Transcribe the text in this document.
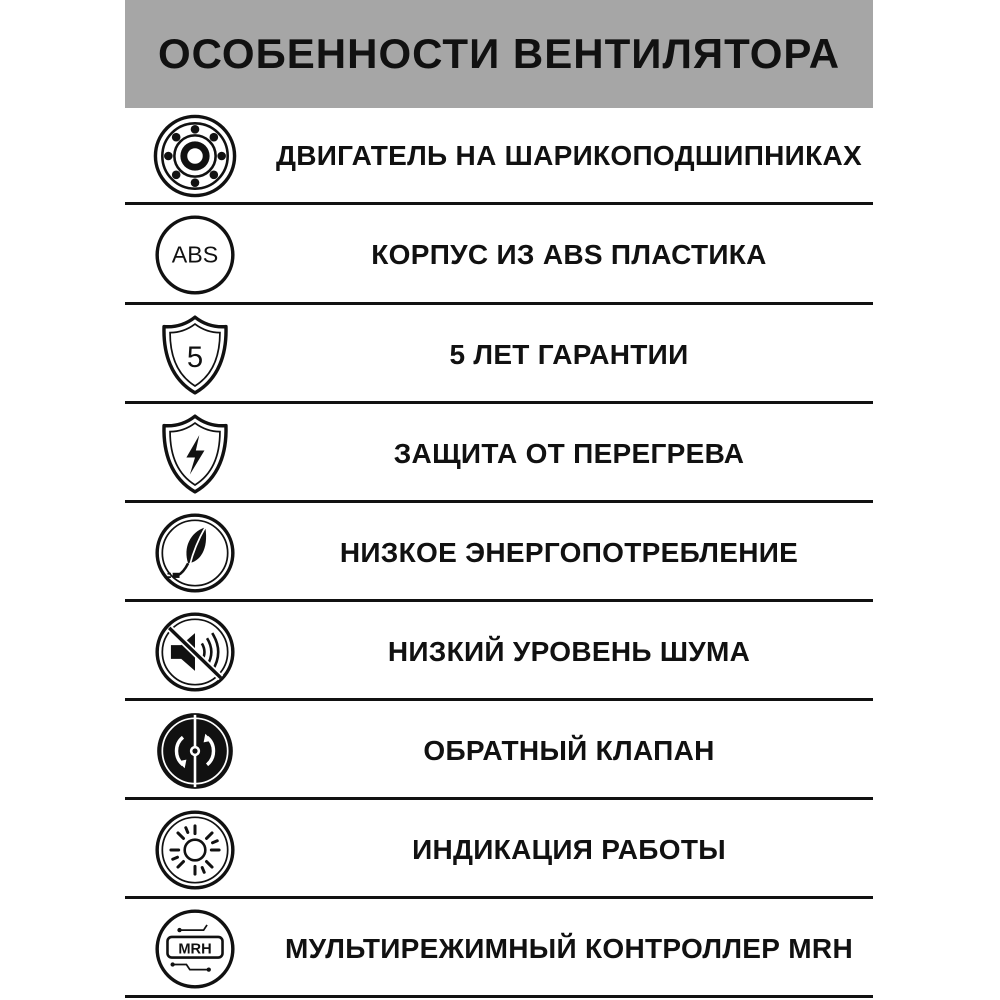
ОСОБЕННОСТИ ВЕНТИЛЯТОРА
ДВИГАТЕЛЬ НА ШАРИКОПОДШИПНИКАХ
ABS	КОРПУС ИЗ ABS ПЛАСТИКА
5	5 ЛЕТ ГАРАНТИИ
ЗАЩИТА ОТ ПЕРЕГРЕВА
НИЗКОЕ ЭНЕРГОПОТРЕБЛЕНИЕ
НИЗКИЙ УРОВЕНЬ ШУМА
ОБРАТНЫЙ КЛАПАН
ИНДИКАЦИЯ РАБОТЫ
MRH	МУЛЬТИРЕЖИМНЫЙ КОНТРОЛЛЕР MRH
